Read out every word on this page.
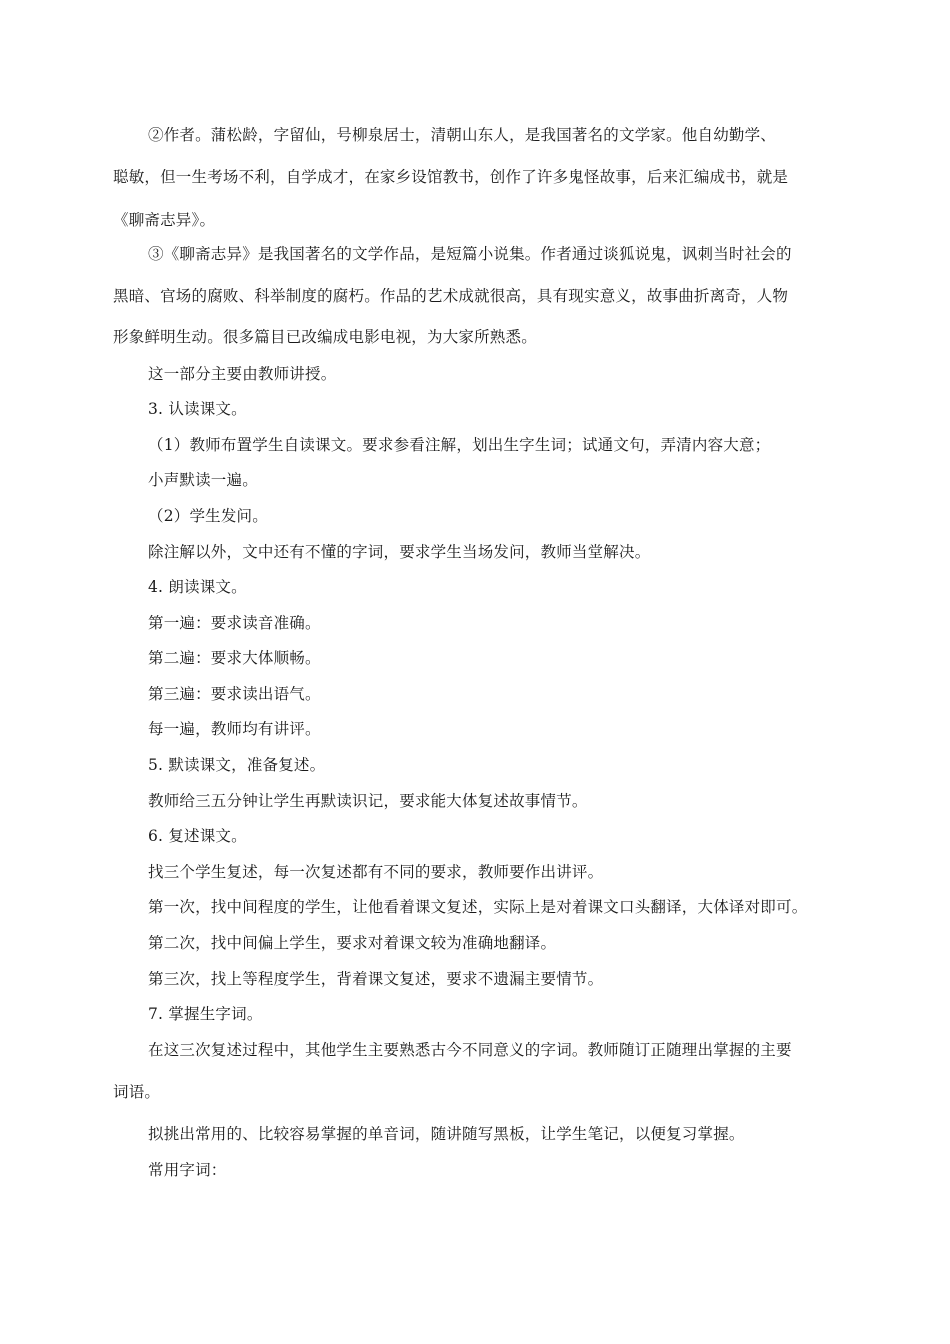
②作者。蒲松龄，字留仙，号柳泉居士，清朝山东人，是我国著名的文学家。他自幼勤学、
聪敏，但一生考场不利，自学成才，在家乡设馆教书，创作了许多鬼怪故事，后来汇编成书，就是
《聊斋志异》。
③《聊斋志异》是我国著名的文学作品，是短篇小说集。作者通过谈狐说鬼，讽刺当时社会的
黑暗、官场的腐败、科举制度的腐朽。作品的艺术成就很高，具有现实意义，故事曲折离奇，人物
形象鲜明生动。很多篇目已改编成电影电视，为大家所熟悉。
这一部分主要由教师讲授。
3. 认读课文。
（1）教师布置学生自读课文。要求参看注解，划出生字生词；试通文句，弄清内容大意；
小声默读一遍。
（2）学生发问。
除注解以外，文中还有不懂的字词，要求学生当场发问，教师当堂解决。
4. 朗读课文。
第一遍：要求读音准确。
第二遍：要求大体顺畅。
第三遍：要求读出语气。
每一遍，教师均有讲评。
5. 默读课文，准备复述。
教师给三五分钟让学生再默读识记，要求能大体复述故事情节。
6. 复述课文。
找三个学生复述，每一次复述都有不同的要求，教师要作出讲评。
第一次，找中间程度的学生，让他看着课文复述，实际上是对着课文口头翻译，大体译对即可。
第二次，找中间偏上学生，要求对着课文较为准确地翻译。
第三次，找上等程度学生，背着课文复述，要求不遗漏主要情节。
7. 掌握生字词。
在这三次复述过程中，其他学生主要熟悉古今不同意义的字词。教师随订正随理出掌握的主要
词语。
拟挑出常用的、比较容易掌握的单音词，随讲随写黑板，让学生笔记，以便复习掌握。
常用字词：
